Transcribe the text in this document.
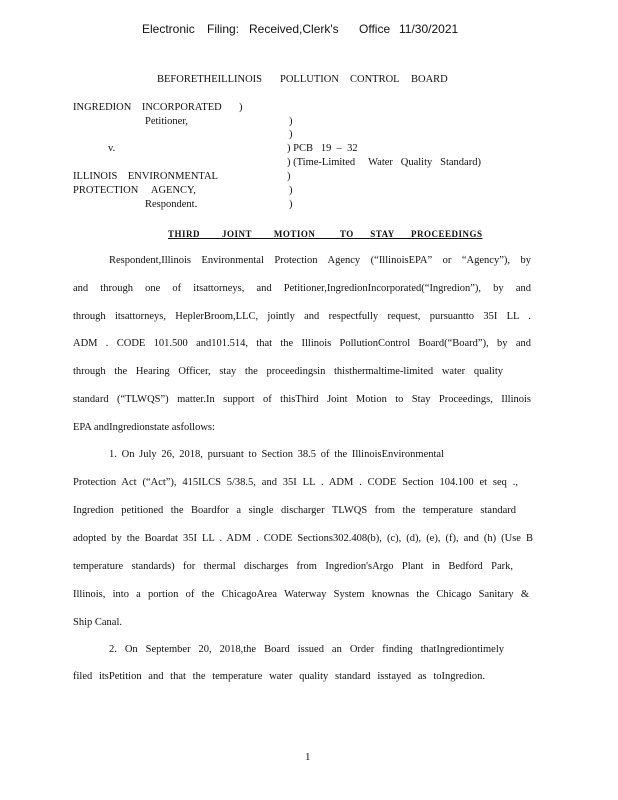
Electronic Filing: Received,Clerk's Office 11/30/2021
BEFORETHEILLINOIS POLLUTION CONTROL BOARD
INGREDION    INCORPORATED )
Petitioner,	)
)
v.	) PCB   19  –  32
) (Time-Limited     Water   Quality   Standard)
ILLINOIS    ENVIRONMENTAL	)
PROTECTION     AGENCY,	)
Respondent.	)
THIRD        JOINT        MOTION         TO      STAY      PROCEEDINGS
Respondent,Illinois Environmental Protection Agency (“IllinoisEPA” or “Agency”), by
and through one of itsattorneys, and Petitioner,IngredionIncorporated(“Ingredion”), by and
through itsattorneys, HeplerBroom,LLC, jointly and respectfully request, pursuantto 35I LL .
ADM . CODE 101.500 and101.514, that the Illinois PollutionControl Board(“Board”), by and
through the Hearing Officer, stay the proceedingsin thisthermaltime-limited water quality
standard (“TLWQS”) matter.In support of thisThird Joint Motion to Stay Proceedings, Illinois
EPA andIngredionstate asfollows:
1. On July 26, 2018, pursuant to Section 38.5 of the IllinoisEnvironmental
Protection Act (“Act”), 415ILCS 5/38.5, and 35I LL . ADM . CODE Section 104.100 et seq .,
Ingredion petitioned the Boardfor a single discharger TLWQS from the temperature standard
adopted by the Boardat 35I LL . ADM . CODE Sections302.408(b), (c), (d), (e), (f), and (h) (Use B
temperature standards) for thermal discharges from Ingredion'sArgo Plant in Bedford Park,
Illinois, into a portion of the ChicagoArea Waterway System knownas the Chicago Sanitary &
Ship Canal.
2. On September 20, 2018,the Board issued an Order finding thatIngrediontimely
filed itsPetition and that the temperature water quality standard isstayed as toIngredion.
1
